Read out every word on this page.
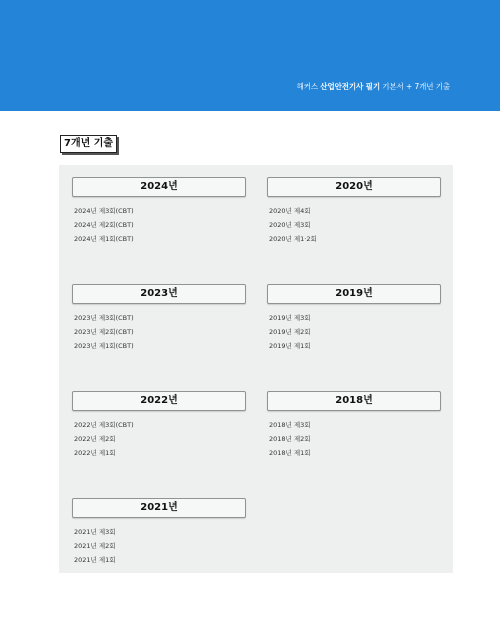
해커스 산업안전기사 필기 기본서 + 7개년 기출
7개년 기출
2024년
2024년 제3회(CBT)
2024년 제2회(CBT)
2024년 제1회(CBT)
2020년
2020년 제4회
2020년 제3회
2020년 제1·2회
2023년
2023년 제3회(CBT)
2023년 제2회(CBT)
2023년 제1회(CBT)
2019년
2019년 제3회
2019년 제2회
2019년 제1회
2022년
2022년 제3회(CBT)
2022년 제2회
2022년 제1회
2018년
2018년 제3회
2018년 제2회
2018년 제1회
2021년
2021년 제3회
2021년 제2회
2021년 제1회
